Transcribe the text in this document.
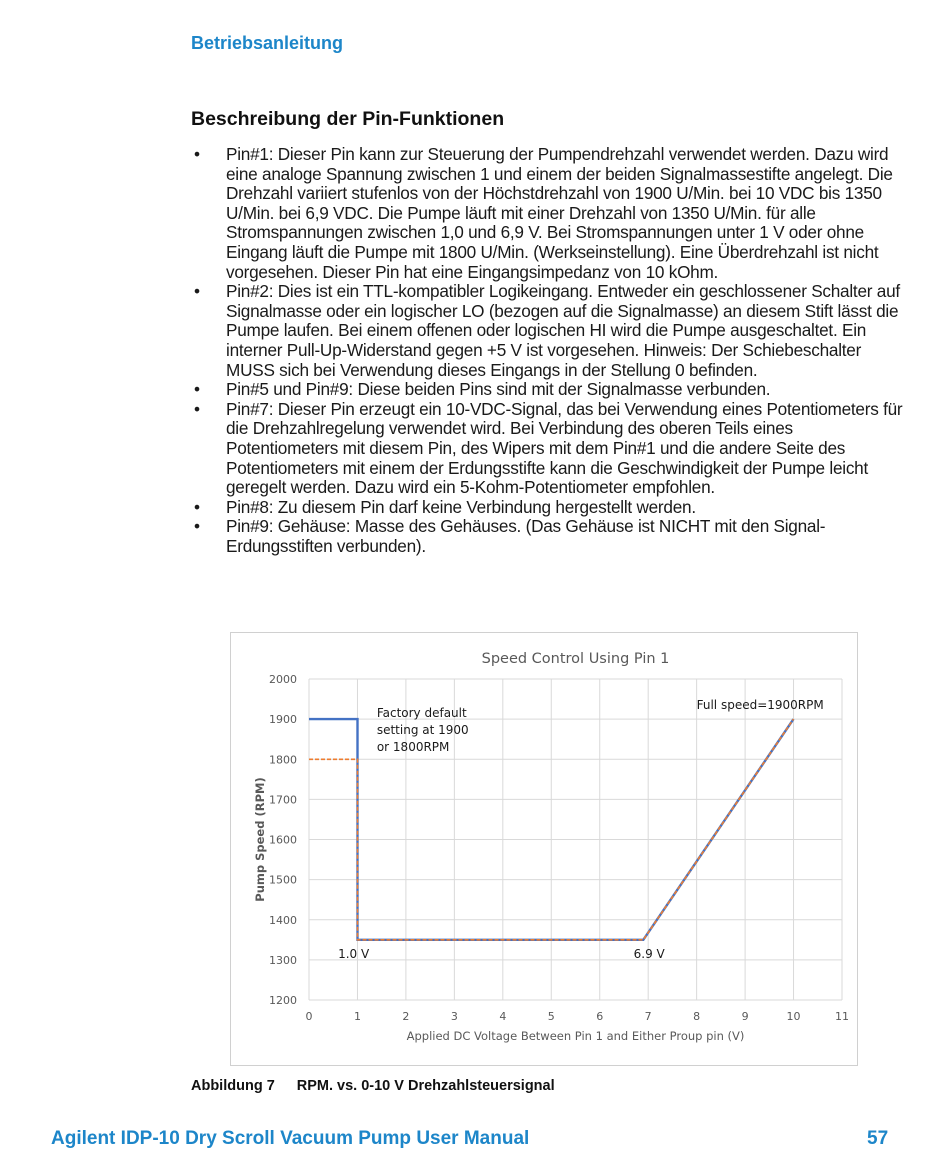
Betriebsanleitung
Beschreibung der Pin-Funktionen
• Pin#1: Dieser Pin kann zur Steuerung der Pumpendrehzahl verwendet werden. Dazu wird eine analoge Spannung zwischen 1 und einem der beiden Signalmassestifte angelegt. Die Drehzahl variiert stufenlos von der Höchstdrehzahl von 1900 U/Min. bei 10 VDC bis 1350 U/Min. bei 6,9 VDC. Die Pumpe läuft mit einer Drehzahl von 1350 U/Min. für alle Stromspannungen zwischen 1,0 und 6,9 V. Bei Stromspannungen unter 1 V oder ohne Eingang läuft die Pumpe mit 1800 U/Min. (Werkseinstellung). Eine Überdrehzahl ist nicht vorgesehen. Dieser Pin hat eine Eingangsimpedanz von 10 kOhm.
• Pin#2: Dies ist ein TTL-kompatibler Logikeingang. Entweder ein geschlossener Schalter auf Signalmasse oder ein logischer LO (bezogen auf die Signalmasse) an diesem Stift lässt die Pumpe laufen. Bei einem offenen oder logischen HI wird die Pumpe ausgeschaltet. Ein interner Pull-Up-Widerstand gegen +5 V ist vorgesehen. Hinweis: Der Schiebeschalter MUSS sich bei Verwendung dieses Eingangs in der Stellung 0 befinden.
• Pin#5 und Pin#9: Diese beiden Pins sind mit der Signalmasse verbunden.
• Pin#7: Dieser Pin erzeugt ein 10-VDC-Signal, das bei Verwendung eines Potentiometers für die Drehzahlregelung verwendet wird. Bei Verbindung des oberen Teils eines Potentiometers mit diesem Pin, des Wipers mit dem Pin#1 und die andere Seite des Potentiometers mit einem der Erdungsstifte kann die Geschwindigkeit der Pumpe leicht geregelt werden. Dazu wird ein 5-Kohm-Potentiometer empfohlen.
• Pin#8: Zu diesem Pin darf keine Verbindung hergestellt werden.
• Pin#9: Gehäuse: Masse des Gehäuses. (Das Gehäuse ist NICHT mit den Signal-Erdungsstiften verbunden).
1200
1300
1400
1500
1600
1700
1800
1900
2000
0	1	2	3	4	5	6	7	8	9	10	11
Speed Control Using Pin 1
Applied DC Voltage Between Pin 1 and Either Proup pin (V)
Pump Speed (RPM)
Factory default
setting at 1900
or 1800RPM
Full speed=1900RPM
1.0 V	6.9 V
Abbildung 7 RPM. vs. 0-10 V Drehzahlsteuersignal
Agilent IDP-10 Dry Scroll Vacuum Pump User Manual	57
